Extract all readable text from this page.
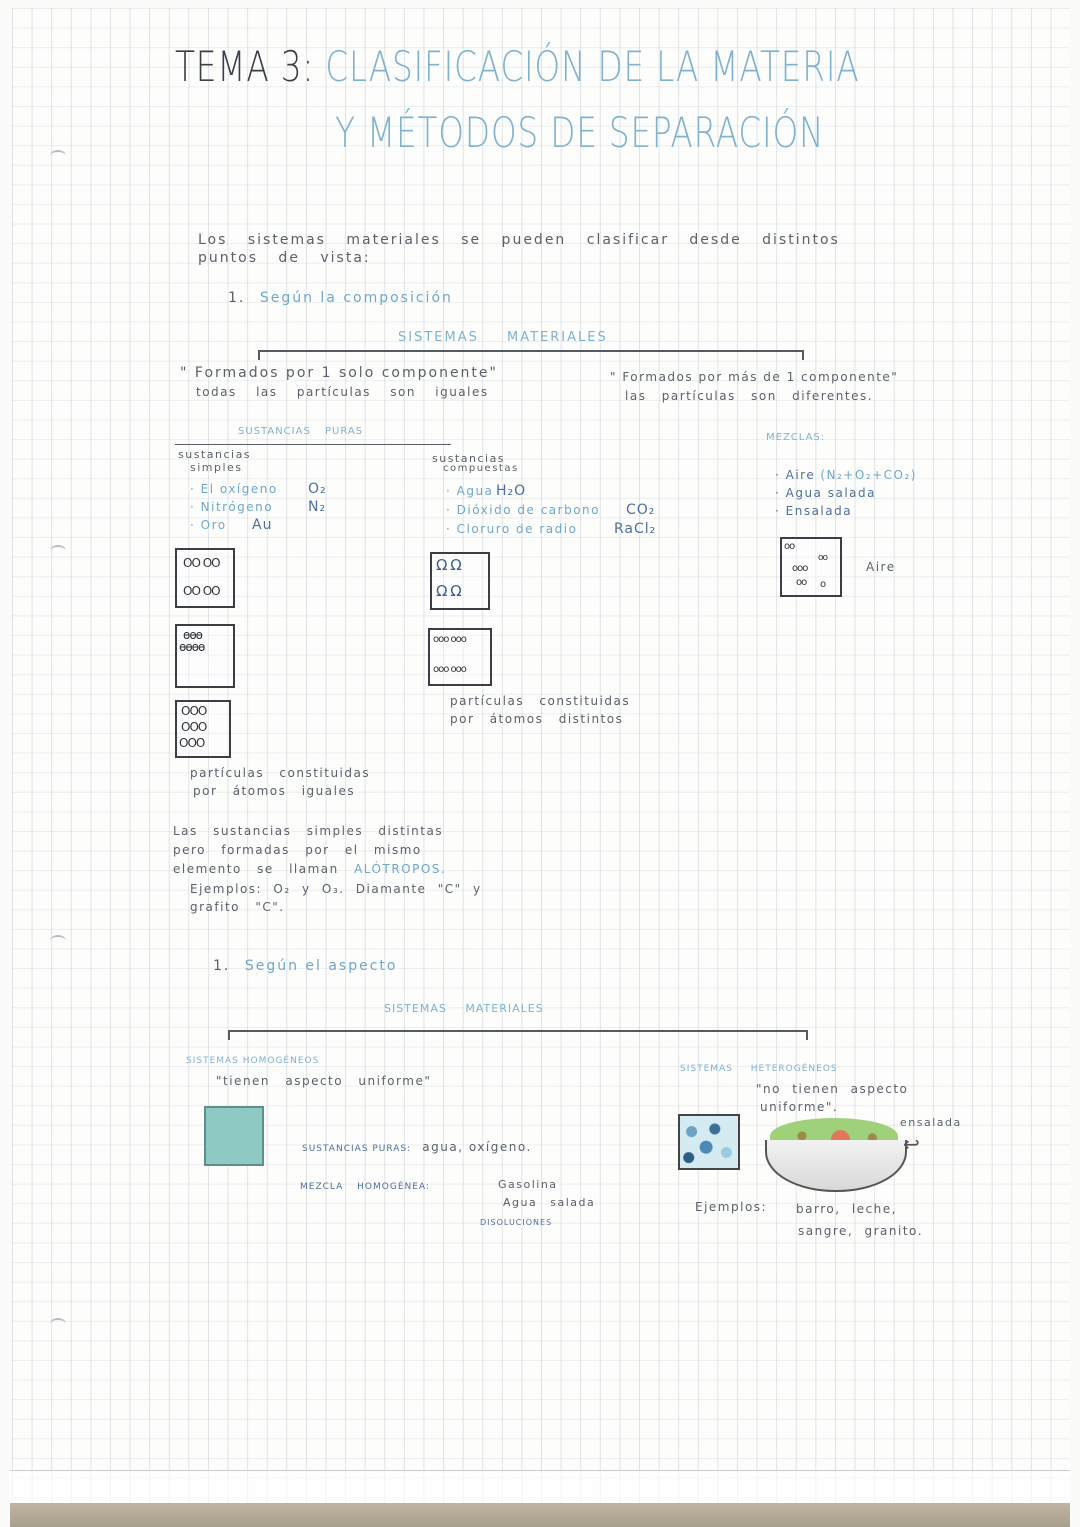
TEMA 3: CLASIFICACIÓN DE LA MATERIA
Y MÉTODOS DE SEPARACIÓN
Los sistemas materiales se pueden clasificar desde distintos
puntos de vista:
1. Según la composición
SISTEMAS MATERIALES
" Formados por 1 solo componente"
todas las partículas son iguales
" Formados por más de 1 componente"
las partículas son diferentes.
SUSTANCIAS PURAS
sustancias
simples
· El oxígeno O₂
· Nitrógeno N₂
· Oro Au
OO OO
OO OO
ɵɵɵ
ɵɵɵɵ
OOO
OOO
OOO
partículas constituidas
por átomos iguales
sustancias
compuestas
· Agua H₂O
· Dióxido de carbono CO₂
· Cloruro de radio	RaCl₂
Ω Ω
Ω Ω
ooo ooo
ooo ooo
partículas constituidas
por átomos distintos
MEZCLAS:
· Aire (N₂+O₂+CO₂)
· Agua salada
· Ensalada
oo
oo
ooo
oo o
Aire
Las sustancias simples distintas
pero formadas por el mismo
elemento se llaman ALÓTROPOS.
Ejemplos: O₂ y O₃. Diamante "C" y
grafito "C".
1. Según el aspecto
SISTEMAS MATERIALES
SISTEMAS HOMOGÉNEOS
"tienen aspecto uniforme"
SUSTANCIAS PURAS: agua, oxígeno.
MEZCLA HOMOGÉNEA:	Gasolina
Agua salada
DISOLUCIONES
SISTEMAS HETEROGÉNEOS
"no tienen aspecto
uniforme".
ensalada
↩
Ejemplos: barro, leche,
sangre, granito.
